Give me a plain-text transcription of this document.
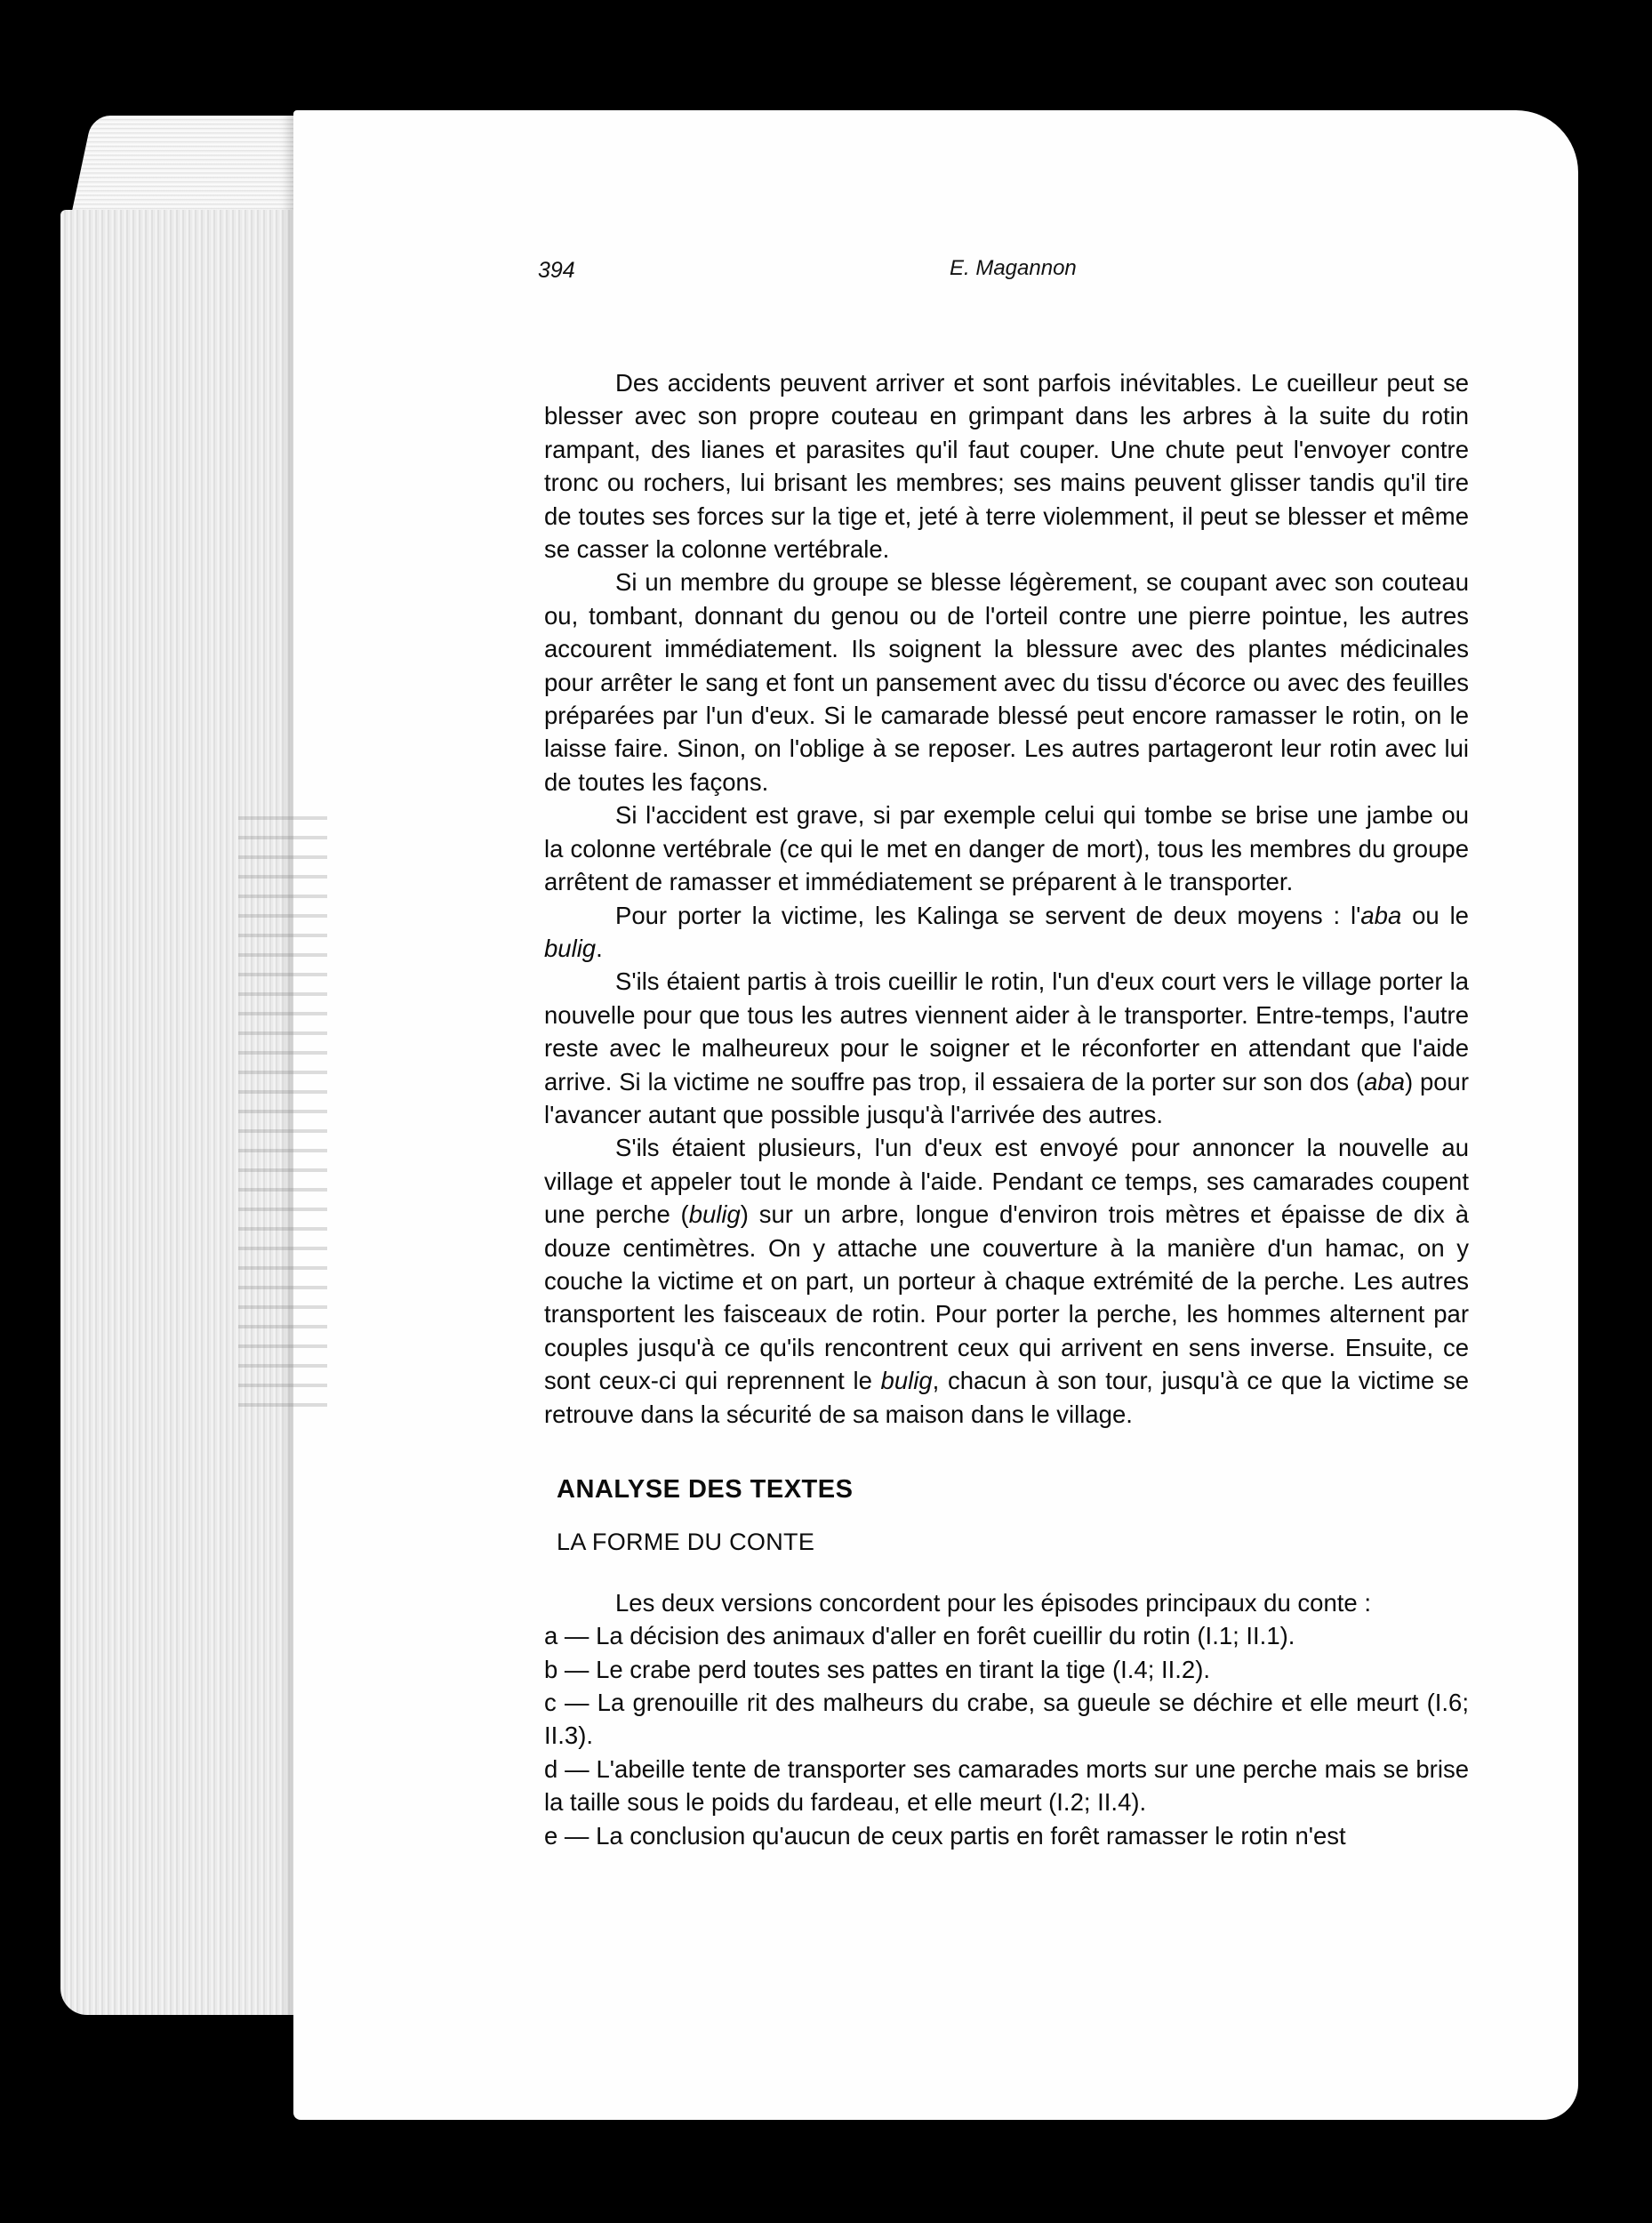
394	E. Magannon

Des accidents peuvent arriver et sont parfois inévitables. Le cueilleur peut se blesser avec son propre couteau en grimpant dans les arbres à la suite du rotin rampant, des lianes et parasites qu'il faut couper. Une chute peut l'envoyer contre tronc ou rochers, lui brisant les membres; ses mains peuvent glisser tandis qu'il tire de toutes ses forces sur la tige et, jeté à terre violemment, il peut se blesser et même se casser la colonne vertébrale.

Si un membre du groupe se blesse légèrement, se coupant avec son couteau ou, tombant, donnant du genou ou de l'orteil contre une pierre pointue, les autres accourent immédiatement. Ils soignent la blessure avec des plantes médicinales pour arrêter le sang et font un pansement avec du tissu d'écorce ou avec des feuilles préparées par l'un d'eux. Si le camarade blessé peut encore ramasser le rotin, on le laisse faire. Sinon, on l'oblige à se reposer. Les autres partageront leur rotin avec lui de toutes les façons.

Si l'accident est grave, si par exemple celui qui tombe se brise une jambe ou la colonne vertébrale (ce qui le met en danger de mort), tous les membres du groupe arrêtent de ramasser et immédiatement se préparent à le transporter.

Pour porter la victime, les Kalinga se servent de deux moyens : l'aba ou le bulig.

S'ils étaient partis à trois cueillir le rotin, l'un d'eux court vers le village porter la nouvelle pour que tous les autres viennent aider à le transporter. Entre-temps, l'autre reste avec le malheureux pour le soigner et le réconforter en attendant que l'aide arrive. Si la victime ne souffre pas trop, il essaiera de la porter sur son dos (aba) pour l'avancer autant que possible jusqu'à l'arrivée des autres.

S'ils étaient plusieurs, l'un d'eux est envoyé pour annoncer la nouvelle au village et appeler tout le monde à l'aide. Pendant ce temps, ses camarades coupent une perche (bulig) sur un arbre, longue d'environ trois mètres et épaisse de dix à douze centimètres. On y attache une couverture à la manière d'un hamac, on y couche la victime et on part, un porteur à chaque extrémité de la perche. Les autres transportent les faisceaux de rotin. Pour porter la perche, les hommes alternent par couples jusqu'à ce qu'ils rencontrent ceux qui arrivent en sens inverse. Ensuite, ce sont ceux-ci qui reprennent le bulig, chacun à son tour, jusqu'à ce que la victime se retrouve dans la sécurité de sa maison dans le village.

ANALYSE DES TEXTES
LA FORME DU CONTE

Les deux versions concordent pour les épisodes principaux du conte :

a — La décision des animaux d'aller en forêt cueillir du rotin (I.1; II.1).

b — Le crabe perd toutes ses pattes en tirant la tige (I.4; II.2).

c — La grenouille rit des malheurs du crabe, sa gueule se déchire et elle meurt (I.6; II.3).

d — L'abeille tente de transporter ses camarades morts sur une perche mais se brise la taille sous le poids du fardeau, et elle meurt (I.2; II.4).

e — La conclusion qu'aucun de ceux partis en forêt ramasser le rotin n'est
